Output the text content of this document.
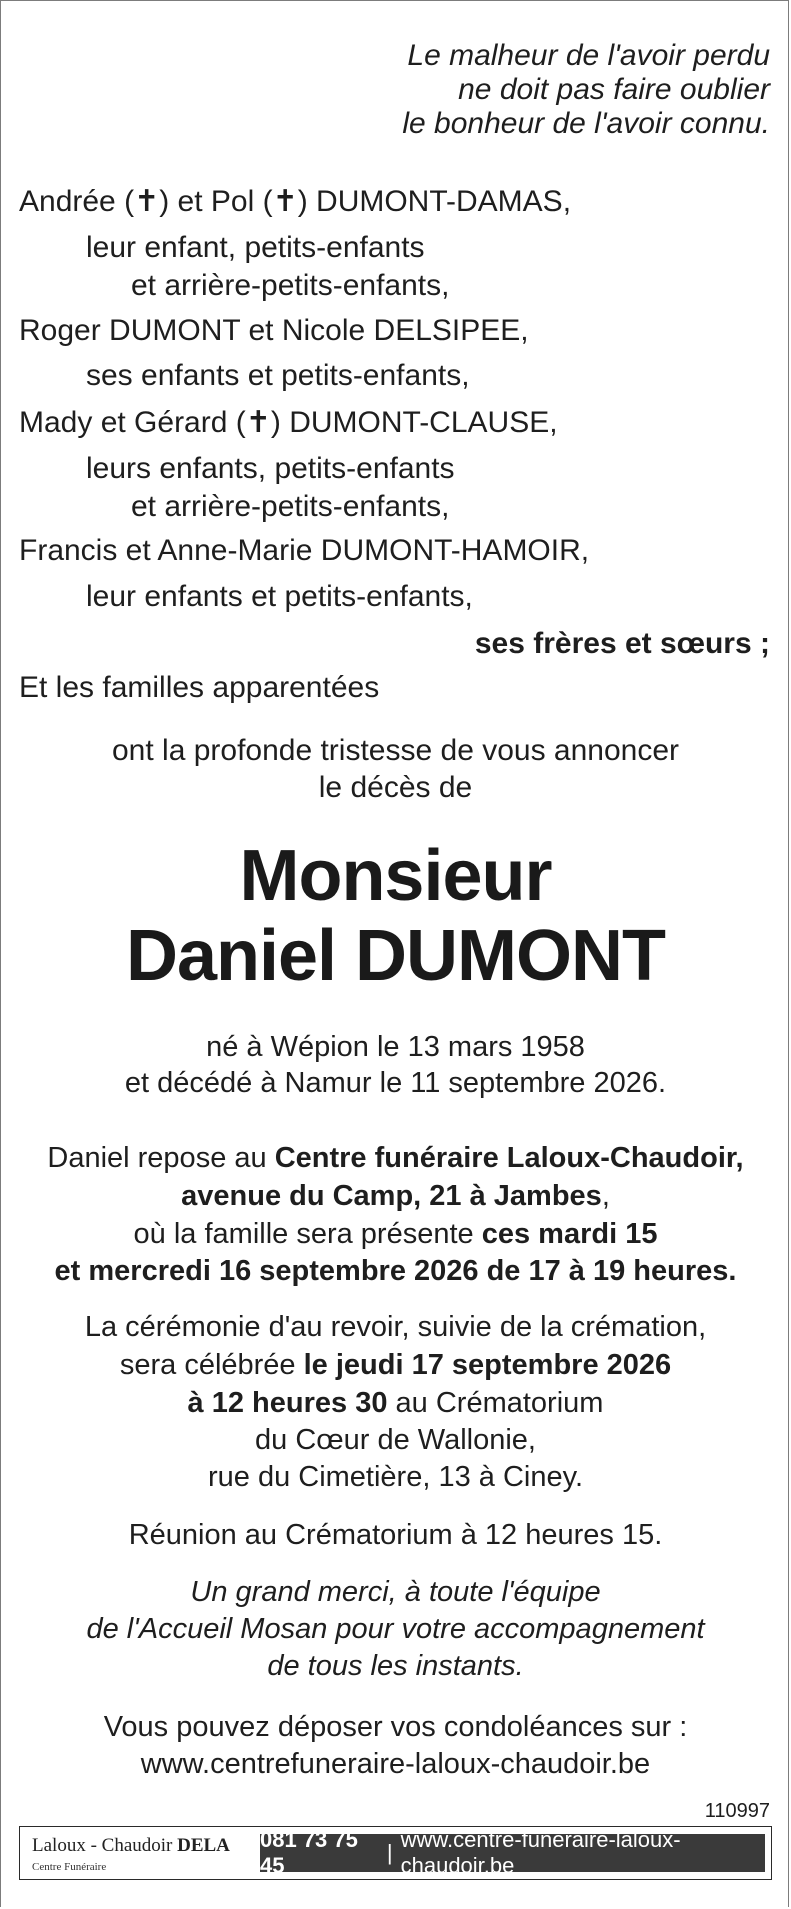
Le malheur de l'avoir perdu
ne doit pas faire oublier
le bonheur de l'avoir connu.
Andrée (✝) et Pol (✝) DUMONT-DAMAS,
leur enfant, petits-enfants
et arrière-petits-enfants,
Roger DUMONT et Nicole DELSIPEE,
ses enfants et petits-enfants,
Mady et Gérard (✝) DUMONT-CLAUSE,
leurs enfants, petits-enfants
et arrière-petits-enfants,
Francis et Anne-Marie DUMONT-HAMOIR,
leur enfants et petits-enfants,
ses frères et sœurs ;
Et les familles apparentées
ont la profonde tristesse de vous annoncer
le décès de
Monsieur
Daniel DUMONT
né à Wépion le 13 mars 1958
et décédé à Namur le 11 septembre 2026.
Daniel repose au Centre funéraire Laloux-Chaudoir,
avenue du Camp, 21 à Jambes,
où la famille sera présente ces mardi 15
et mercredi 16 septembre 2026 de 17 à 19 heures.
La cérémonie d'au revoir, suivie de la crémation,
sera célébrée le jeudi 17 septembre 2026
à 12 heures 30 au Crématorium
du Cœur de Wallonie,
rue du Cimetière, 13 à Ciney.
Réunion au Crématorium à 12 heures 15.
Un grand merci, à toute l'équipe
de l'Accueil Mosan pour votre accompagnement
de tous les instants.
Vous pouvez déposer vos condoléances sur :
www.centrefuneraire-laloux-chaudoir.be
110997
Laloux - Chaudoir DELA
Centre Funéraire
081 73 75 45
|
www.centre-funeraire-laloux-chaudoir.be
